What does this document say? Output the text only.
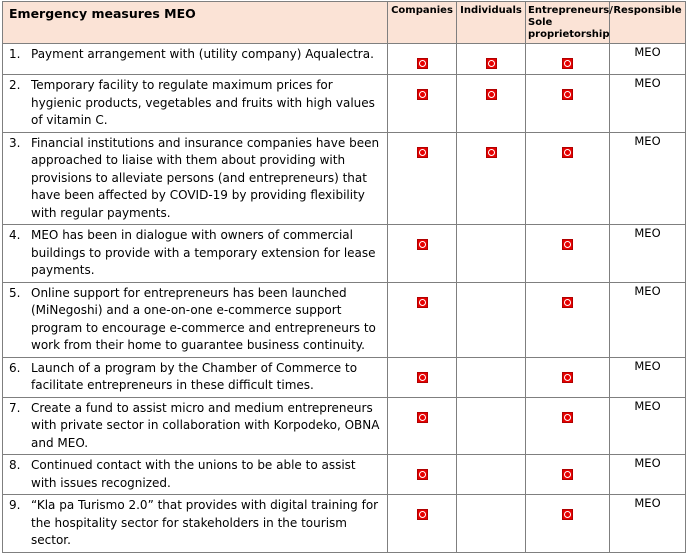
Emergency measures MEO	Companies	Individuals	Entrepreneurs/ Sole proprietorship	Responsible

1. Payment arrangement with (utility company) Aqualectra.				MEO

2. Temporary facility to regulate maximum prices for hygienic products, vegetables and fruits with high values of vitamin C.				MEO

3. Financial institutions and insurance companies have been approached to liaise with them about providing with provisions to alleviate persons (and entrepreneurs) that have been affected by COVID-19 by providing flexibility with regular payments.				MEO

4. MEO has been in dialogue with owners of commercial buildings to provide with a temporary extension for lease payments.				MEO

5. Online support for entrepreneurs has been launched (MiNegoshi) and a one-on-one e-commerce support program to encourage e-commerce and entrepreneurs to work from their home to guarantee business continuity.				MEO

6. Launch of a program by the Chamber of Commerce to facilitate entrepreneurs in these difficult times.				MEO

7. Create a fund to assist micro and medium entrepreneurs with private sector in collaboration with Korpodeko, OBNA and MEO.				MEO

8. Continued contact with the unions to be able to assist with issues recognized.				MEO

9. “Kla pa Turismo 2.0” that provides with digital training for the hospitality sector for stakeholders in the tourism sector.				MEO
